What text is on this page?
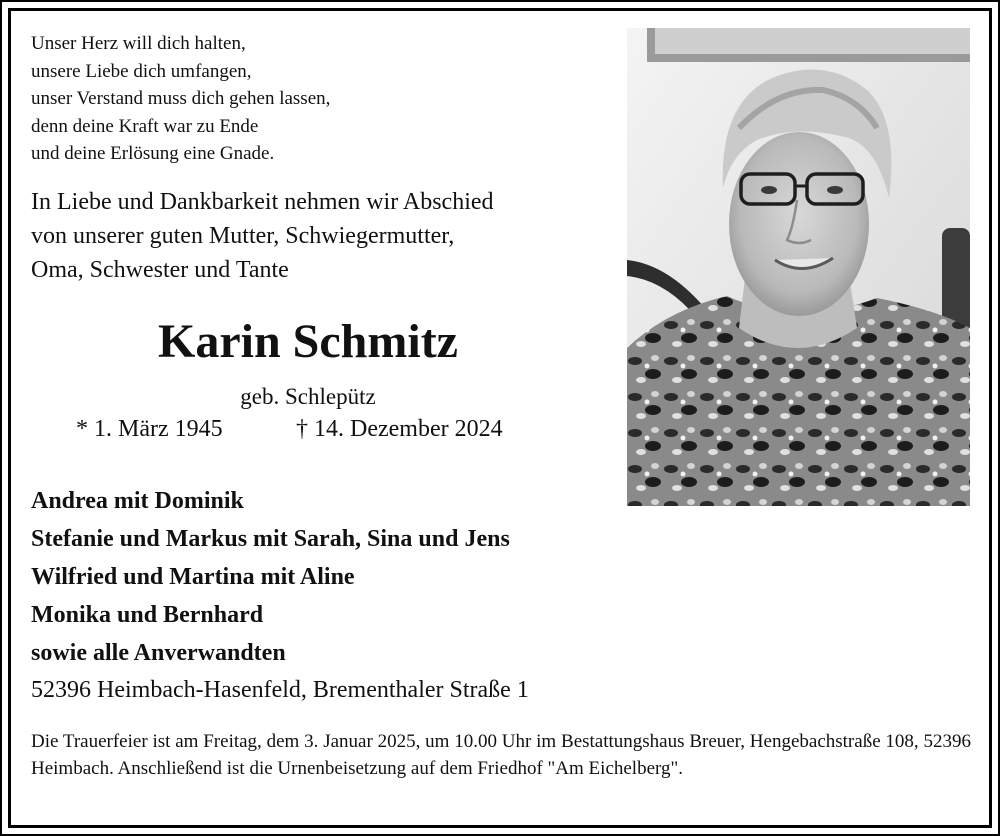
Unser Herz will dich halten,
unsere Liebe dich umfangen,
unser Verstand muss dich gehen lassen,
denn deine Kraft war zu Ende
und deine Erlösung eine Gnade.
In Liebe und Dankbarkeit nehmen wir Abschied
von unserer guten Mutter, Schwiegermutter,
Oma, Schwester und Tante
Karin Schmitz
geb. Schlepütz
* 1. März 1945	† 14. Dezember 2024
Andrea mit Dominik
Stefanie und Markus mit Sarah, Sina und Jens
Wilfried und Martina mit Aline
Monika und Bernhard
sowie alle Anverwandten
52396 Heimbach-Hasenfeld, Brementhaler Straße 1

Die Trauerfeier ist am Freitag, dem 3. Januar 2025, um 10.00 Uhr im Bestattungshaus Breuer, Hengebachstraße 108, 52396 Heimbach. Anschließend ist die Urnenbeisetzung auf dem Friedhof "Am Eichelberg".
